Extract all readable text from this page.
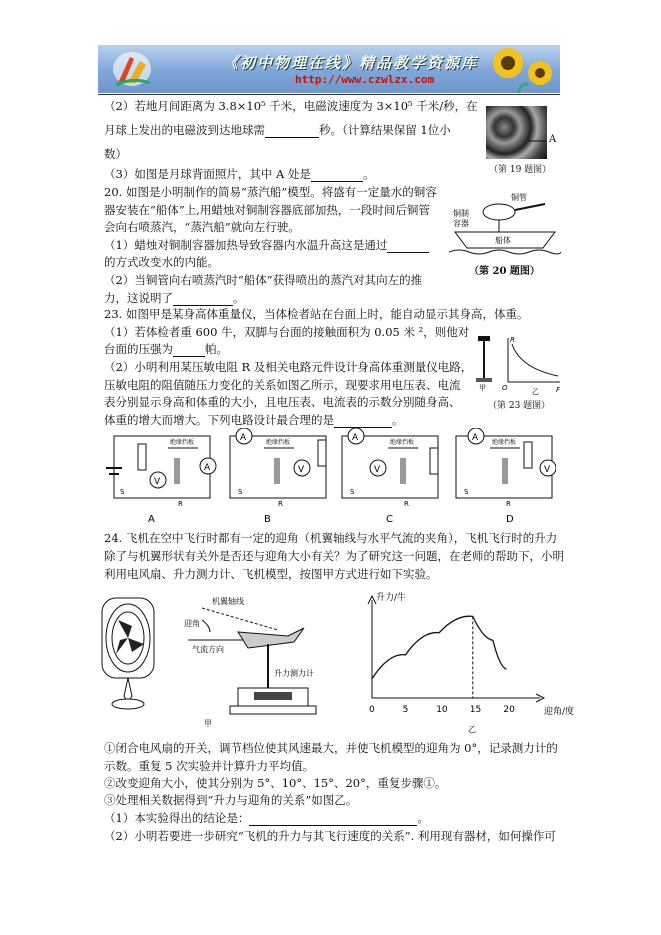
《初中物理在线》精品教学资源库
http://www.czwlzx.com
（2）若地月间距离为 3.8×10⁵ 千米，电磁波速度为 3×10⁵ 千米/秒，在
月球上发出的电磁波到达地球需	秒。（计算结果保留 1位小
数）
（3）如图是月球背面照片，其中 A 处是	。
A
（第 19 题图）
20. 如图是小明制作的简易“蒸汽船”模型。将盛有一定量水的铜容
器安装在“船体”上,用蜡烛对铜制容器底部加热，一段时间后铜管
会向右喷蒸汽，“蒸汽船”就向左行驶。
（1）蜡烛对铜制容器加热导致容器内水温升高这是通过
的方式改变水的内能。
（2）当铜管向右喷蒸汽时“船体”获得喷出的蒸汽对其向左的推
力，这说明了	。
铜管
铜制
容器
船体
（第 20 题图）
23. 如图甲是某身高体重量仪，当体检者站在台面上时，能自动显示其身高，体重。
（1）若体检者重 600 牛，双脚与台面的接触面积为 0.05 米 ²，则他对
台面的压强为	帕。
（2）小明利用某压敏电阻 R 及相关电路元件设计身高体重测量仪电路，
压敏电阻的阻值随压力变化的关系如图乙所示，现要求用电压表、电流
表分别显示身高和体重的大小，且电压表、电流表的示数分别随身高、
体重的增大而增大。下列电路设计最合理的是	。
甲
R
F
O	乙
（第 23 题图）
V
A
绝缘挡板
R
S
A
A
V
绝缘挡板
R
S
B
A
V
绝缘挡板
R
S
C
A
V
绝缘挡板
R
S
D
24. 飞机在空中飞行时都有一定的迎角（机翼轴线与水平气流的夹角），飞机飞行时的升力
除了与机翼形状有关外是否还与迎角大小有关？为了研究这一问题，在老师的帮助下，小明
利用电风扇、升力测力计、飞机模型，按图甲方式进行如下实验。
机翼轴线
迎角
气流方向
升力测力计
甲
升力/牛
迎角/度
0	5	10 15 20
乙
①闭合电风扇的开关，调节档位使其风速最大，并使飞机模型的迎角为 0°，记录测力计的
示数。重复 5 次实验并计算升力平均值。
②改变迎角大小，使其分别为 5°、10°、15°、20°，重复步骤①。
③处理相关数据得到“升力与迎角的关系”如图乙。
（1）本实验得出的结论是：	。
（2）小明若要进一步研究“飞机的升力与其飞行速度的关系”. 利用现有器材，如何操作可
